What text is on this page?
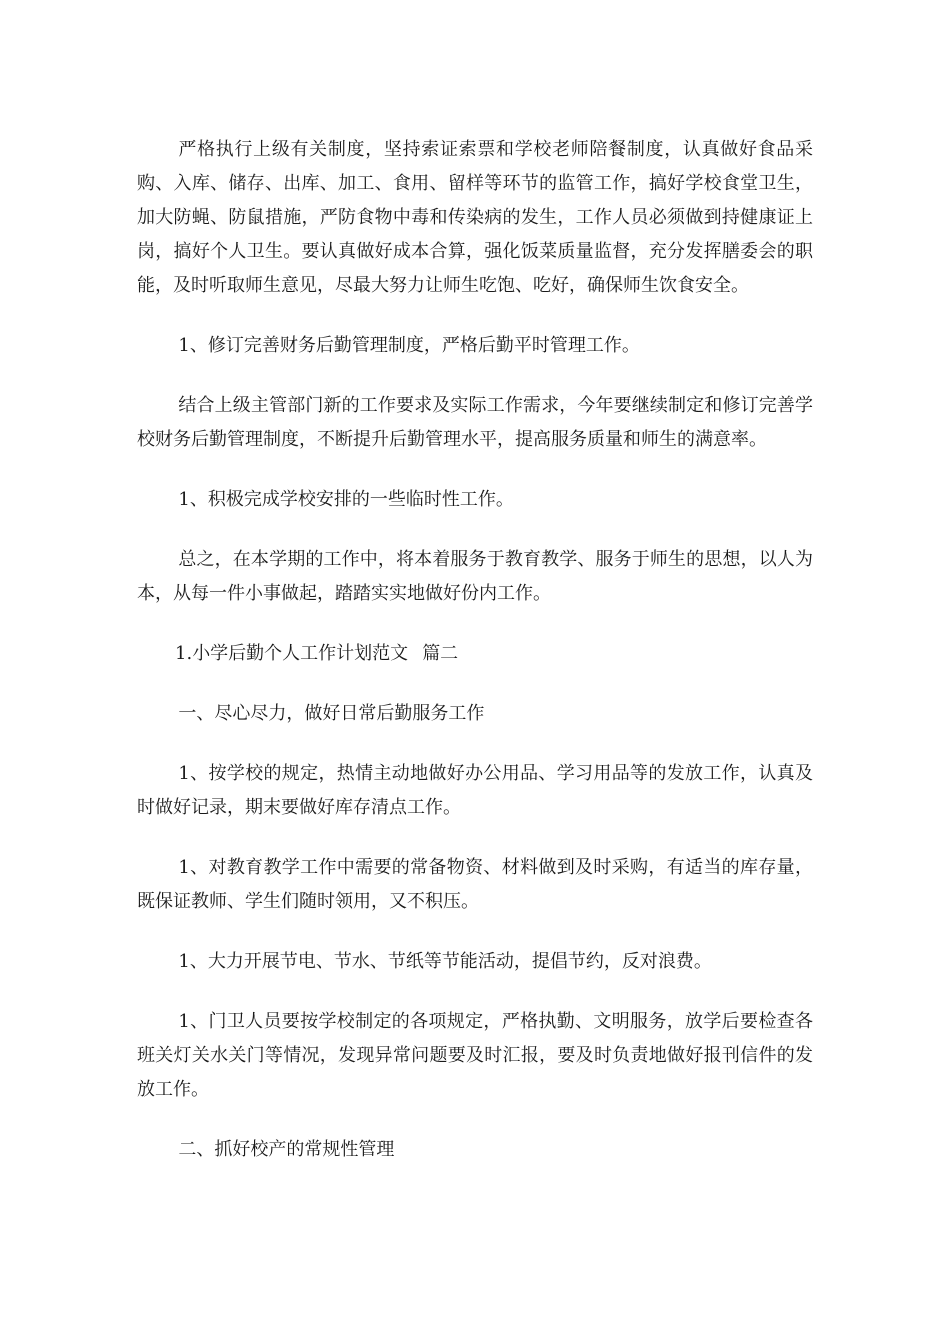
严格执行上级有关制度，坚持索证索票和学校老师陪餐制度，认真做好食品采购、入库、储存、出库、加工、食用、留样等环节的监管工作，搞好学校食堂卫生，加大防蝇、防鼠措施，严防食物中毒和传染病的发生，工作人员必须做到持健康证上岗，搞好个人卫生。要认真做好成本合算，强化饭菜质量监督，充分发挥膳委会的职能，及时听取师生意见，尽最大努力让师生吃饱、吃好，确保师生饮食安全。

1、修订完善财务后勤管理制度，严格后勤平时管理工作。

结合上级主管部门新的工作要求及实际工作需求，今年要继续制定和修订完善学校财务后勤管理制度，不断提升后勤管理水平，提高服务质量和师生的满意率。

1、积极完成学校安排的一些临时性工作。

总之，在本学期的工作中，将本着服务于教育教学、服务于师生的思想，以人为本，从每一件小事做起，踏踏实实地做好份内工作。

1.小学后勤个人工作计划范文 篇二

一、尽心尽力，做好日常后勤服务工作

1、按学校的规定，热情主动地做好办公用品、学习用品等的发放工作，认真及时做好记录，期末要做好库存清点工作。

1、对教育教学工作中需要的常备物资、材料做到及时采购，有适当的库存量，既保证教师、学生们随时领用，又不积压。

1、大力开展节电、节水、节纸等节能活动，提倡节约，反对浪费。

1、门卫人员要按学校制定的各项规定，严格执勤、文明服务，放学后要检查各班关灯关水关门等情况，发现异常问题要及时汇报，要及时负责地做好报刊信件的发放工作。

二、抓好校产的常规性管理
